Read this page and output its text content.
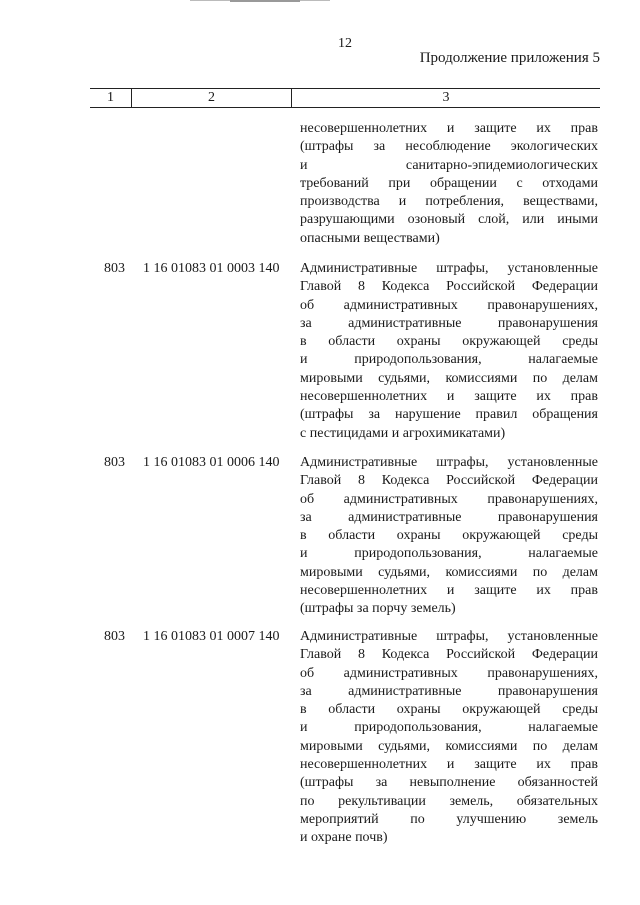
12
Продолжение приложения 5
1	2	3
несовершеннолетних и защите их прав
(штрафы за несоблюдение экологических
и санитарно-эпидемиологических
требований при обращении с отходами
производства и потребления, веществами,
разрушающими озоновый слой, или иными
опасными веществами)
803 1 16 01083 01 0003 140 Административные штрафы, установленные
Главой 8 Кодекса Российской Федерации
об административных правонарушениях,
за административные правонарушения
в области охраны окружающей среды
и природопользования, налагаемые
мировыми судьями, комиссиями по делам
несовершеннолетних и защите их прав
(штрафы за нарушение правил обращения
с пестицидами и агрохимикатами)
803 1 16 01083 01 0006 140 Административные штрафы, установленные
Главой 8 Кодекса Российской Федерации
об административных правонарушениях,
за административные правонарушения
в области охраны окружающей среды
и природопользования, налагаемые
мировыми судьями, комиссиями по делам
несовершеннолетних и защите их прав
(штрафы за порчу земель)
803 1 16 01083 01 0007 140 Административные штрафы, установленные
Главой 8 Кодекса Российской Федерации
об административных правонарушениях,
за административные правонарушения
в области охраны окружающей среды
и природопользования, налагаемые
мировыми судьями, комиссиями по делам
несовершеннолетних и защите их прав
(штрафы за невыполнение обязанностей
по рекультивации земель, обязательных
мероприятий по улучшению земель
и охране почв)
